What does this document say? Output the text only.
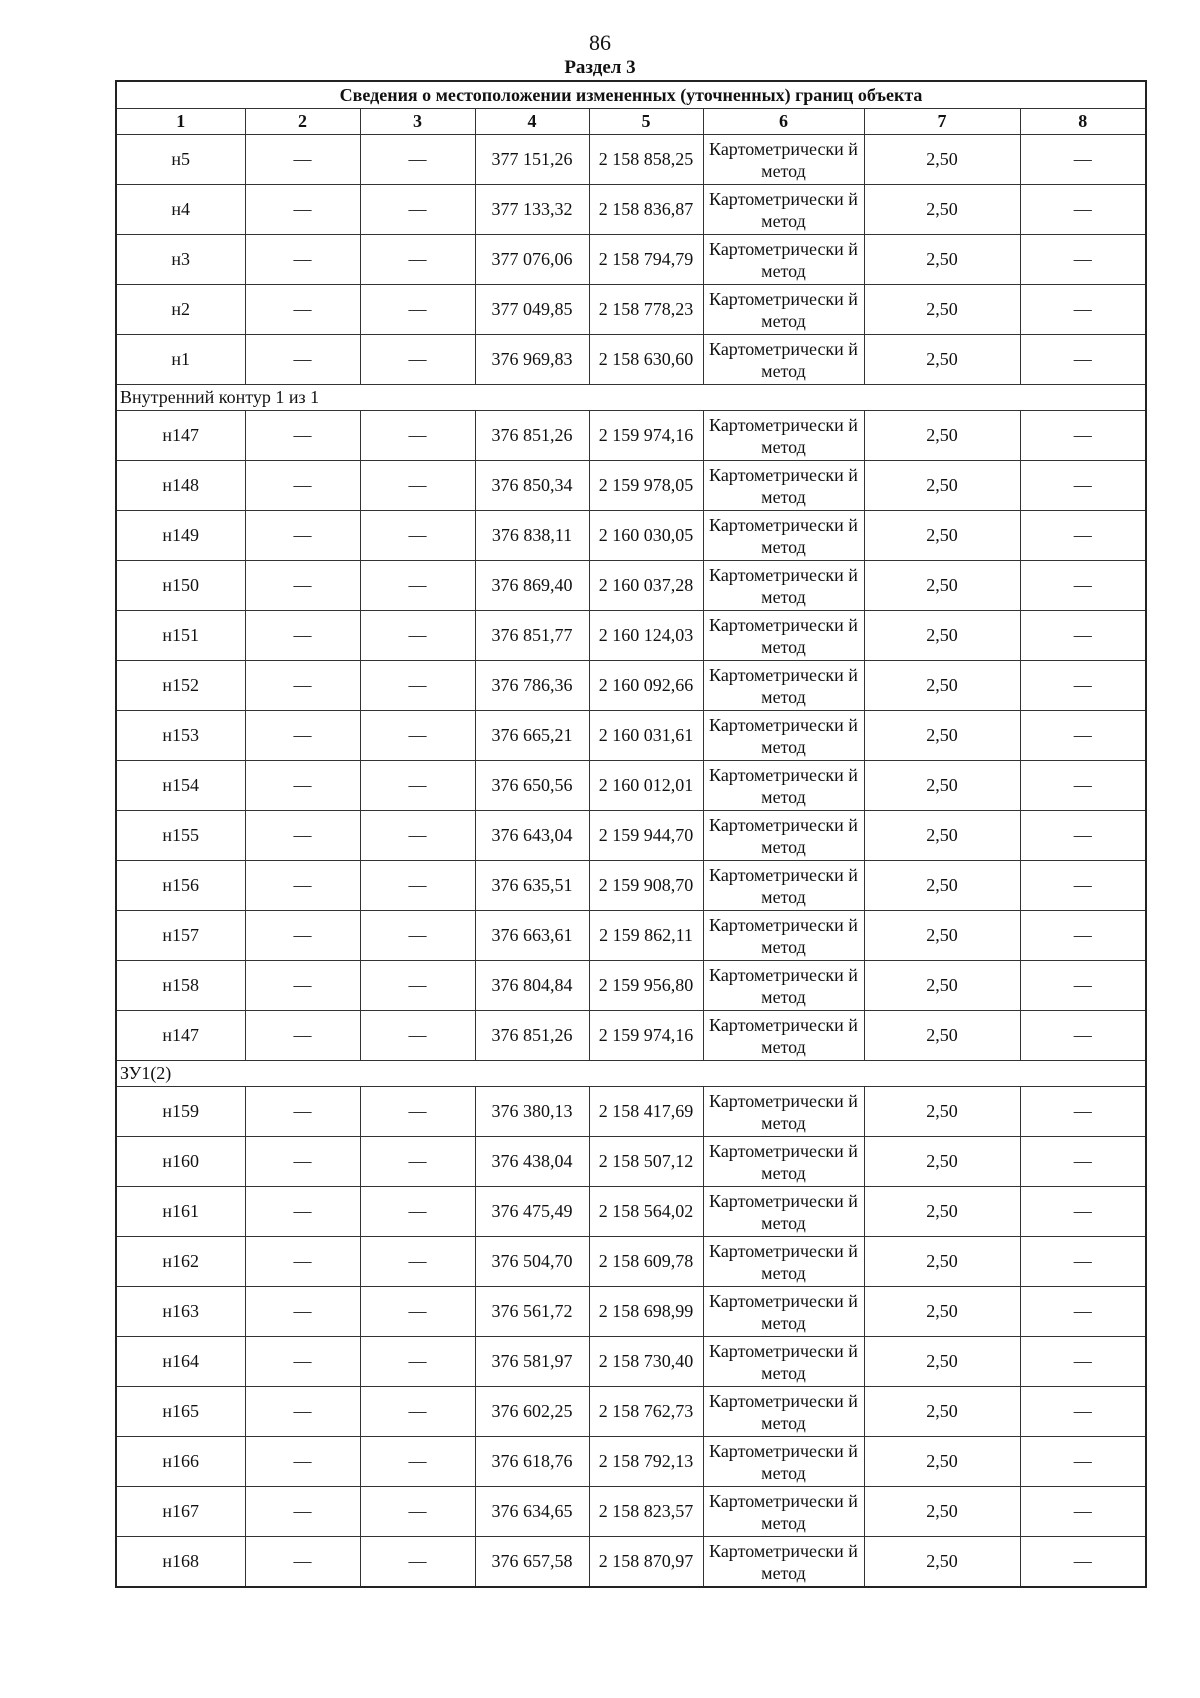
86
Раздел 3
Сведения о местоположении измененных (уточненных) границ объекта							
1	2	3	4	5	6	7	8
н5	—	—	377 151,26	2 158 858,25	Картометрически й метод	2,50	—
н4	—	—	377 133,32	2 158 836,87	Картометрически й метод	2,50	—
н3	—	—	377 076,06	2 158 794,79	Картометрически й метод	2,50	—
н2	—	—	377 049,85	2 158 778,23	Картометрически й метод	2,50	—
н1	—	—	376 969,83	2 158 630,60	Картометрически й метод	2,50	—
Внутренний контур 1 из 1							
н147	—	—	376 851,26	2 159 974,16	Картометрически й метод	2,50	—
н148	—	—	376 850,34	2 159 978,05	Картометрически й метод	2,50	—
н149	—	—	376 838,11	2 160 030,05	Картометрически й метод	2,50	—
н150	—	—	376 869,40	2 160 037,28	Картометрически й метод	2,50	—
н151	—	—	376 851,77	2 160 124,03	Картометрически й метод	2,50	—
н152	—	—	376 786,36	2 160 092,66	Картометрически й метод	2,50	—
н153	—	—	376 665,21	2 160 031,61	Картометрически й метод	2,50	—
н154	—	—	376 650,56	2 160 012,01	Картометрически й метод	2,50	—
н155	—	—	376 643,04	2 159 944,70	Картометрически й метод	2,50	—
н156	—	—	376 635,51	2 159 908,70	Картометрически й метод	2,50	—
н157	—	—	376 663,61	2 159 862,11	Картометрически й метод	2,50	—
н158	—	—	376 804,84	2 159 956,80	Картометрически й метод	2,50	—
н147	—	—	376 851,26	2 159 974,16	Картометрически й метод	2,50	—
ЗУ1(2)							
н159	—	—	376 380,13	2 158 417,69	Картометрически й метод	2,50	—
н160	—	—	376 438,04	2 158 507,12	Картометрически й метод	2,50	—
н161	—	—	376 475,49	2 158 564,02	Картометрически й метод	2,50	—
н162	—	—	376 504,70	2 158 609,78	Картометрически й метод	2,50	—
н163	—	—	376 561,72	2 158 698,99	Картометрически й метод	2,50	—
н164	—	—	376 581,97	2 158 730,40	Картометрически й метод	2,50	—
н165	—	—	376 602,25	2 158 762,73	Картометрически й метод	2,50	—
н166	—	—	376 618,76	2 158 792,13	Картометрически й метод	2,50	—
н167	—	—	376 634,65	2 158 823,57	Картометрически й метод	2,50	—
н168	—	—	376 657,58	2 158 870,97	Картометрически й метод	2,50	—
